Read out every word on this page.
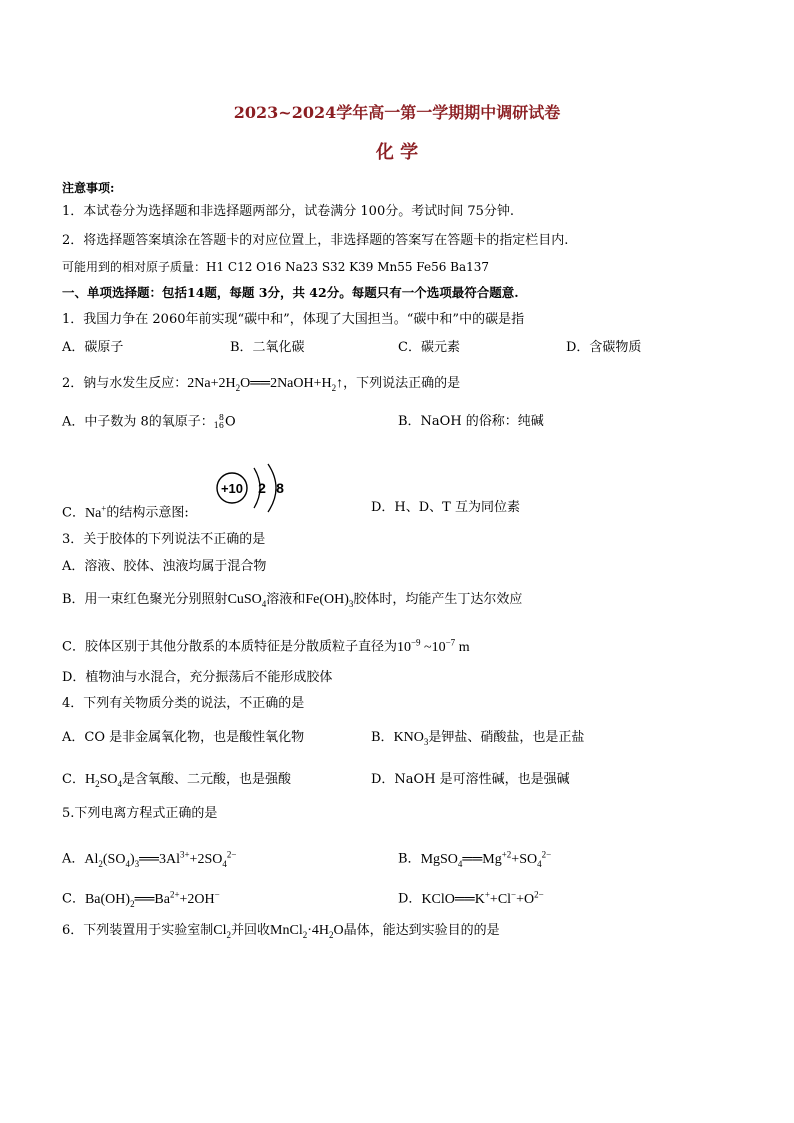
2023~2024学年高一第一学期期中调研试卷
化 学
注意事项:
1．本试卷分为选择题和非选择题两部分，试卷满分 100分。考试时间 75分钟.
2．将选择题答案填涂在答题卡的对应位置上，非选择题的答案写在答题卡的指定栏目内.
可能用到的相对原子质量：H1 C12 O16 Na23 S32 K39 Mn55 Fe56 Ba137
一、单项选择题：包括14题，每题 3分，共 42分。每题只有一个选项最符合题意.
1．我国力争在 2060年前实现“碳中和”，体现了大国担当。“碳中和”中的碳是指
A．碳原子	B．二氧化碳	C．碳元素	D．含碳物质
2．钠与水发生反应：$2Na+2H_2O══2NaOH+H_2↑$，下列说法正确的是
A．中子数为 8的氧原子： 8
16 O	B．NaOH 的俗称：纯碱
C．Na+的结构示意图:
+10 2 8
D．H、D、T 互为同位素
3．关于胶体的下列说法不正确的是
A．溶液、胶体、浊液均属于混合物
B．用一束红色聚光分别照射CuSO$_4$溶液和$Fe(OH)_3$胶体时，均能产生丁达尔效应
C．胶体区别于其他分散系的本质特征是分散质粒子直径为$10^{-9}$ $\sim 10^{-7}$ m
D．植物油与水混合，充分振荡后不能形成胶体
4．下列有关物质分类的说法，不正确的是
A．CO 是非金属氧化物，也是酸性氧化物	B．$KNO_3$是钾盐、硝酸盐，也是正盐
C．$H_2SO_4$是含氧酸、二元酸，也是强酸	D．NaOH 是可溶性碱，也是强碱
5.下列电离方程式正确的是
A．$Al_2(SO_4)_3══3Al^{3+}+2SO_4^{2-}$	B．$MgSO_4══Mg^{+2}+SO_4^{2-}$
C．$Ba(OH)_2══Ba^{2+}+2OH^-$	D．$KClO══K^++Cl^-+O^{2-}$
6．下列装置用于实验室制$Cl_2$并回收$MnCl_2\cdot 4H_2O$晶体，能达到实验目的的是
